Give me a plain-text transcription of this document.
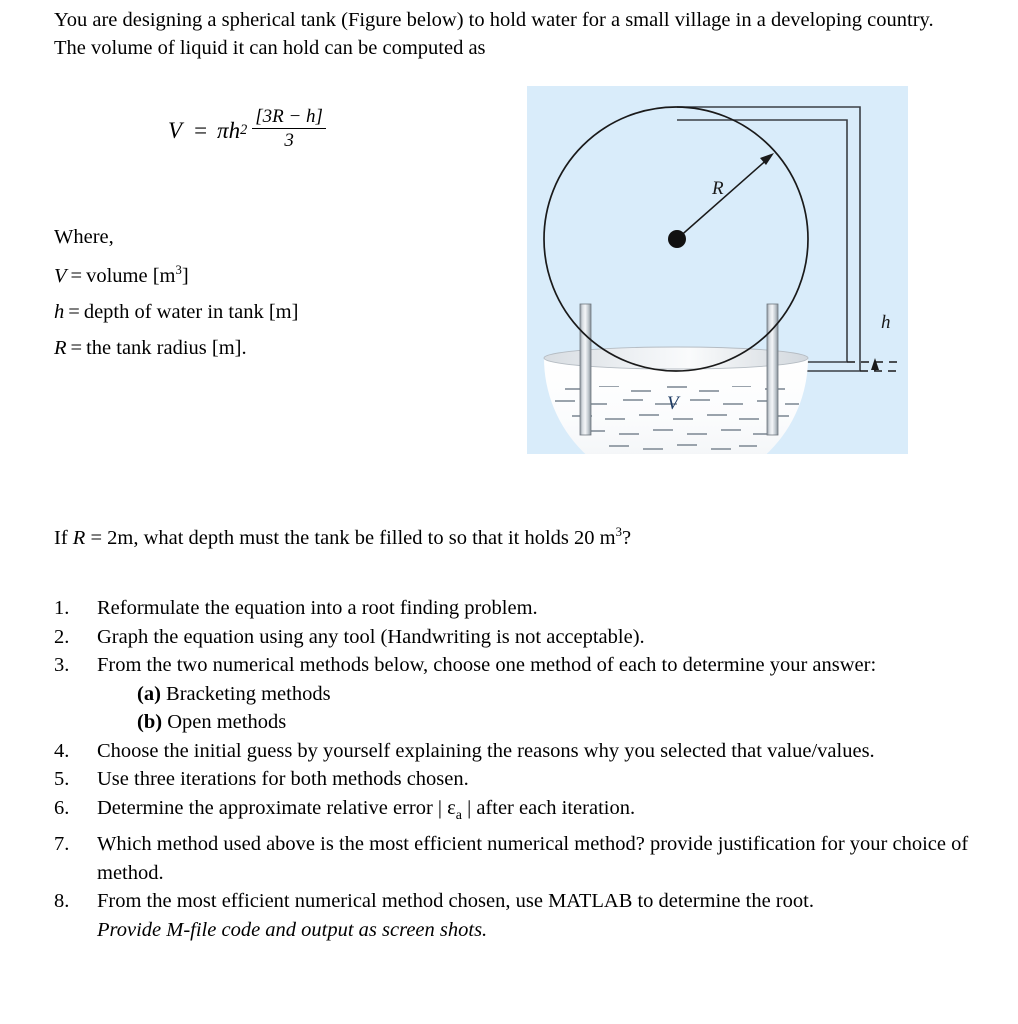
You are designing a spherical tank (Figure below) to hold water for a small village in a developing country. The volume of liquid it can hold can be computed as
V = π h $2 \frac{[3R - h]}{3}$
Where,
V = volume $[m^3]$
h = depth of water in tank [m]
R = the tank radius [m].
R
V
h
If R = 2m, what depth must the tank be filled to so that it holds 20 $m^3$?
1.	Reformulate the equation into a root finding problem.
2.	Graph the equation using any tool (Handwriting is not acceptable).
3.	From the two numerical methods below, choose one method of each to determine your answer:
(a) Bracketing methods
(b) Open methods
4.	Choose the initial guess by yourself explaining the reasons why you selected that value/values.
5.	Use three iterations for both methods chosen.
6.	Determine the approximate relative error | $\varepsilon_a$ | after each iteration.
7.	Which method used above is the most efficient numerical method? provide justification for your choice of method.
8.	From the most efficient numerical method chosen, use MATLAB to determine the root.
Provide M-file code and output as screen shots.
